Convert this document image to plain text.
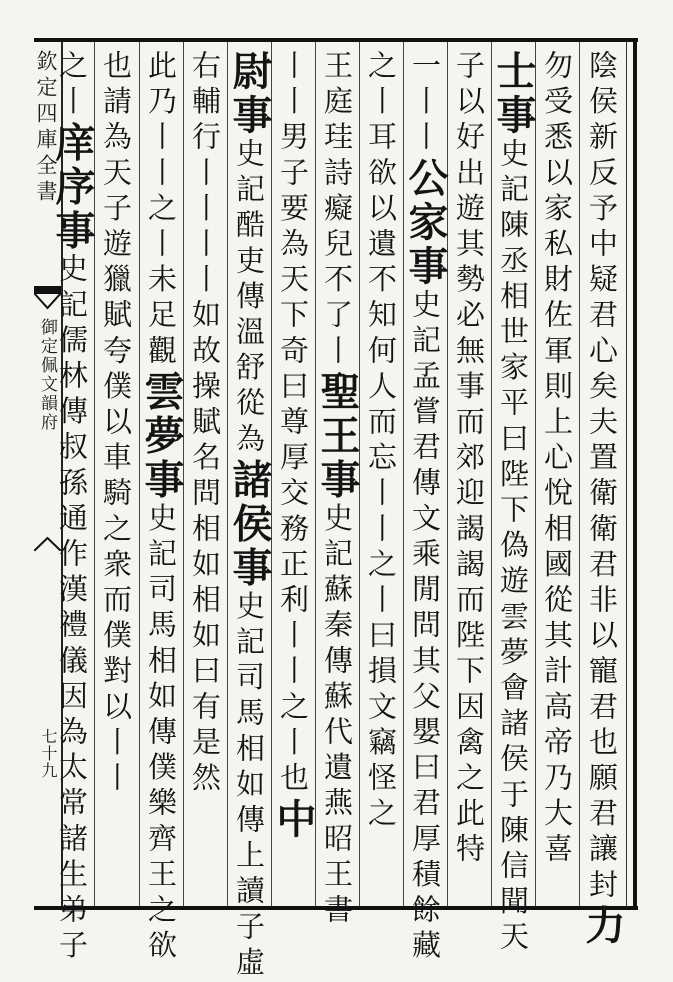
欽定四庫全書
御定佩文韻府
七十九	陰侯新反予中疑君心矣夫置衛衛君非以寵君也願君讓封力
勿受悉以家私財佐軍則上心悅相國從其計高帝乃大喜
士事史記陳丞相世家平曰陛下偽遊雲夢會諸侯于陳信聞天
子以好出遊其勢必無事而郊迎謁謁而陛下因禽之此特
一丨丨公家事史記孟嘗君傳文乘閒問其父嬰曰君厚積餘藏
之丨耳欲以遺不知何人而忘丨丨之丨曰損文竊怪之
王庭珪詩癡兒不了丨聖王事史記蘇秦傳蘇代遺燕昭王書
丨丨男子要為天下奇曰尊厚交務正利丨丨之丨也中
尉事史記酷吏傳溫舒從為諸侯事史記司馬相如傳上讀子虛
右輔行丨丨丨丨如故操賦名問相如相如曰有是然
此乃丨丨之丨未足觀雲夢事史記司馬相如傳僕樂齊王之欲
也請為天子遊獵賦夸僕以車騎之衆而僕對以丨丨
之丨庠序事史記儒林傳叔孫通作漢禮儀因為太常諸生弟子
